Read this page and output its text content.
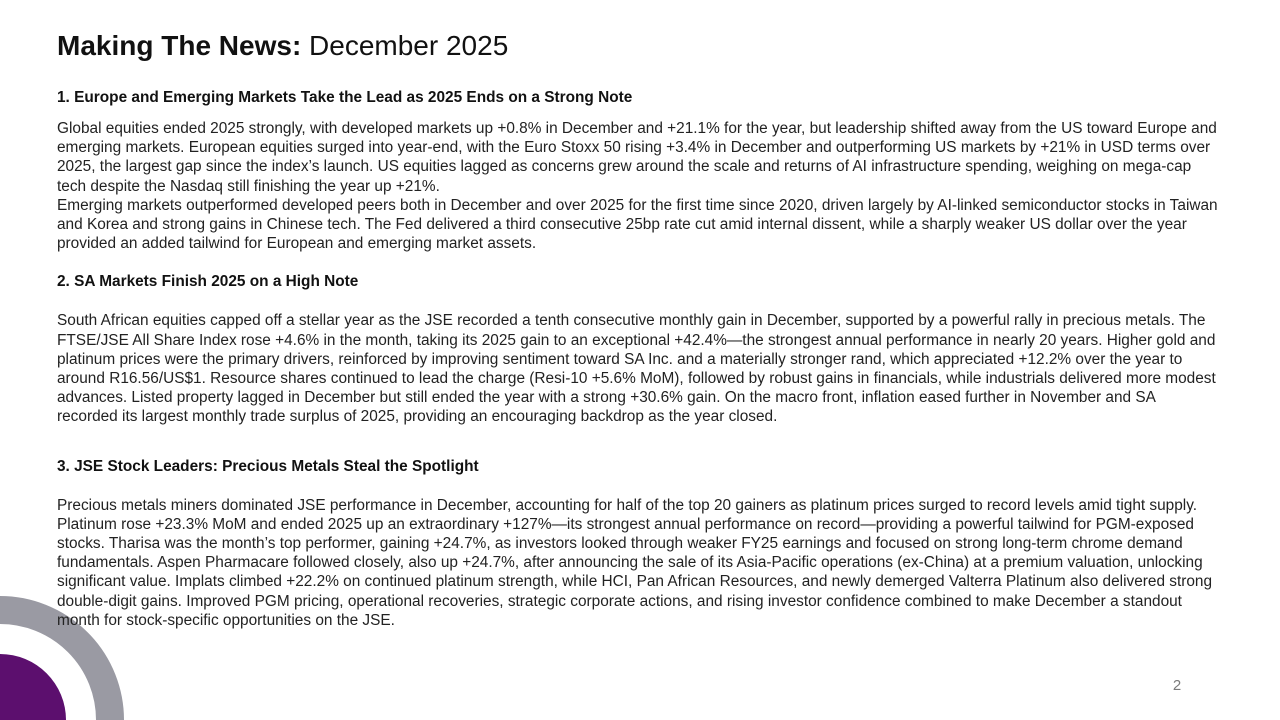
Making The News: December 2025
1. Europe and Emerging Markets Take the Lead as 2025 Ends on a Strong Note

Global equities ended 2025 strongly, with developed markets up +0.8% in December and +21.1% for the year, but leadership shifted away from the US toward Europe and emerging markets. European equities surged into year-end, with the Euro Stoxx 50 rising +3.4% in December and outperforming US markets by +21% in USD terms over 2025, the largest gap since the index’s launch. US equities lagged as concerns grew around the scale and returns of AI infrastructure spending, weighing on mega-cap tech despite the Nasdaq still finishing the year up +21%.

Emerging markets outperformed developed peers both in December and over 2025 for the first time since 2020, driven largely by AI-linked semiconductor stocks in Taiwan and Korea and strong gains in Chinese tech. The Fed delivered a third consecutive 25bp rate cut amid internal dissent, while a sharply weaker US dollar over the year provided an added tailwind for European and emerging market assets.

2. SA Markets Finish 2025 on a High Note

South African equities capped off a stellar year as the JSE recorded a tenth consecutive monthly gain in December, supported by a powerful rally in precious metals. The FTSE/JSE All Share Index rose +4.6% in the month, taking its 2025 gain to an exceptional +42.4%—the strongest annual performance in nearly 20 years. Higher gold and platinum prices were the primary drivers, reinforced by improving sentiment toward SA Inc. and a materially stronger rand, which appreciated +12.2% over the year to around R16.56/US$1. Resource shares continued to lead the charge (Resi-10 +5.6% MoM), followed by robust gains in financials, while industrials delivered more modest advances. Listed property lagged in December but still ended the year with a strong +30.6% gain. On the macro front, inflation eased further in November and SA recorded its largest monthly trade surplus of 2025, providing an encouraging backdrop as the year closed.

3. JSE Stock Leaders: Precious Metals Steal the Spotlight

Precious metals miners dominated JSE performance in December, accounting for half of the top 20 gainers as platinum prices surged to record levels amid tight supply. Platinum rose +23.3% MoM and ended 2025 up an extraordinary +127%—its strongest annual performance on record—providing a powerful tailwind for PGM-exposed stocks. Tharisa was the month’s top performer, gaining +24.7%, as investors looked through weaker FY25 earnings and focused on strong long-term chrome demand fundamentals. Aspen Pharmacare followed closely, also up +24.7%, after announcing the sale of its Asia-Pacific operations (ex-China) at a premium valuation, unlocking significant value. Implats climbed +22.2% on continued platinum strength, while HCI, Pan African Resources, and newly demerged Valterra Platinum also delivered strong double-digit gains. Improved PGM pricing, operational recoveries, strategic corporate actions, and rising investor confidence combined to make December a standout month for stock-specific opportunities on the JSE.

2
